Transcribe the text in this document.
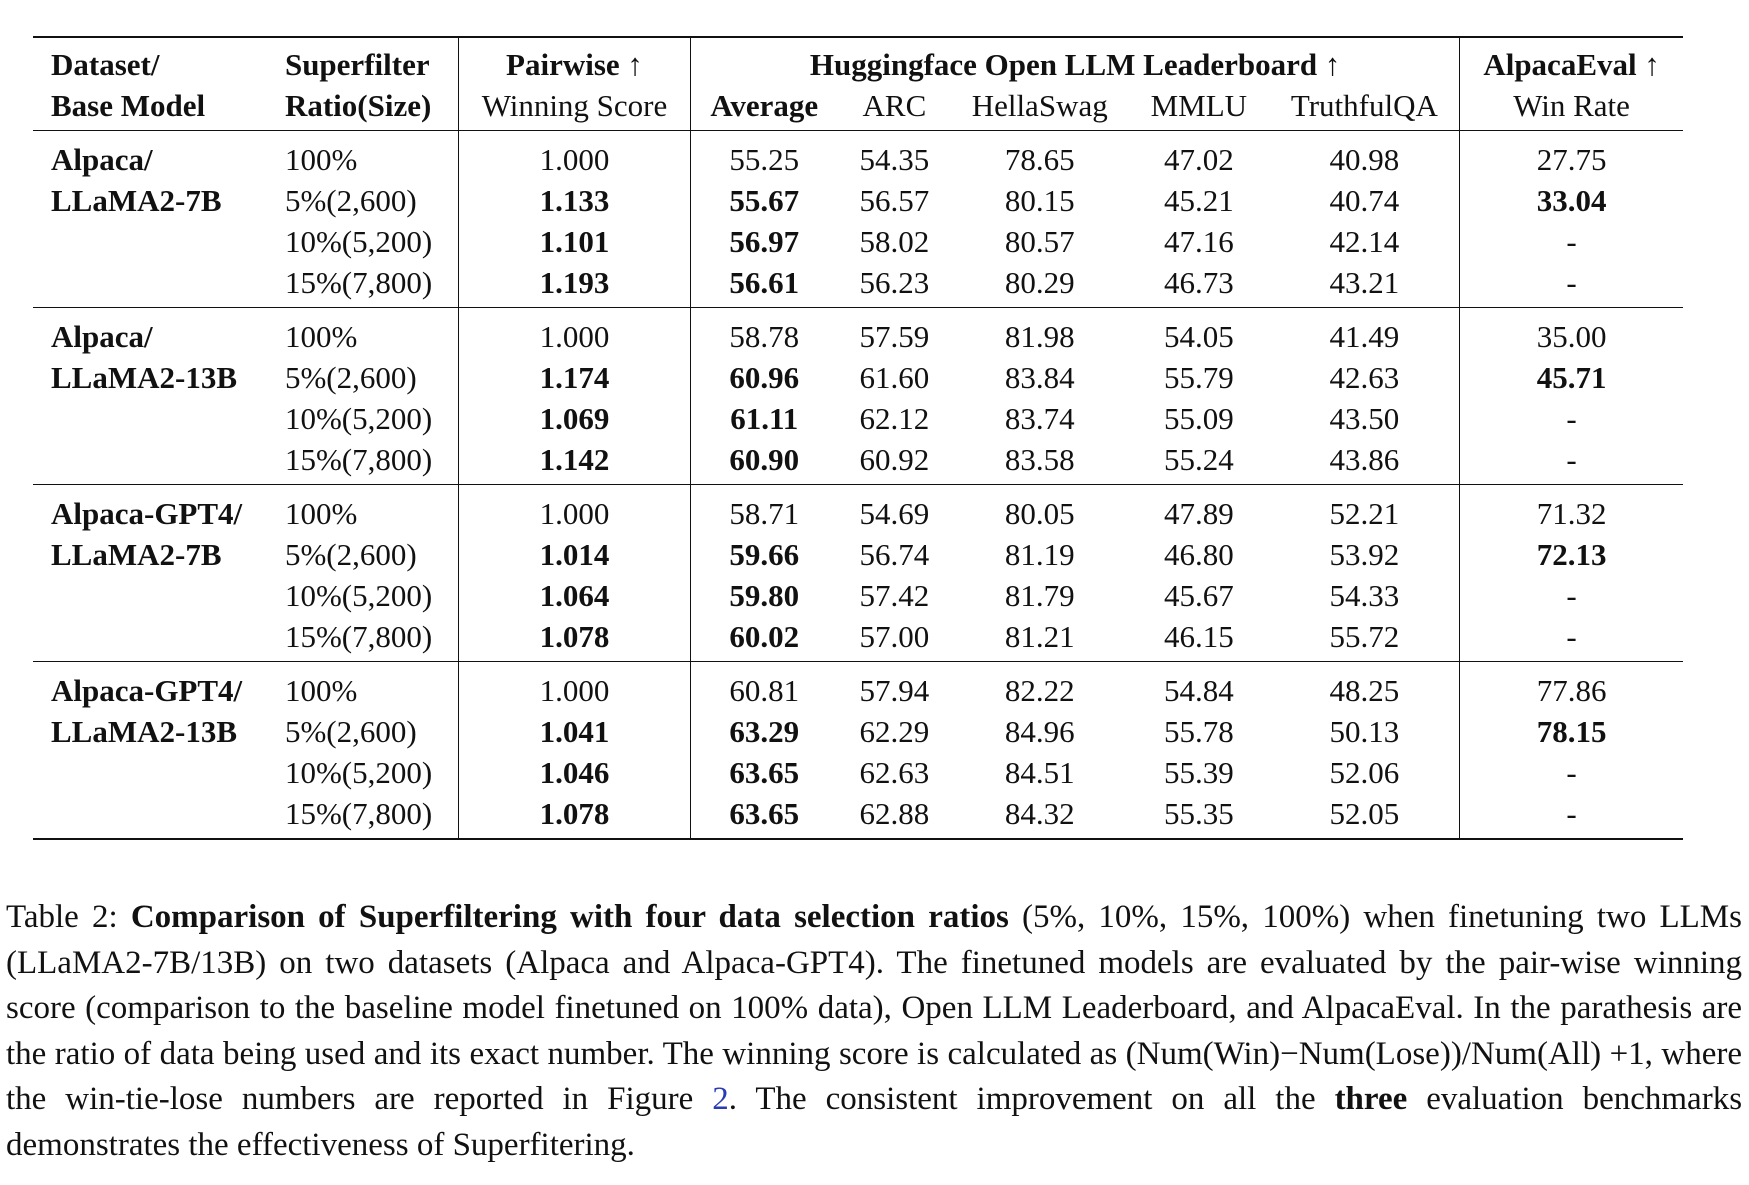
Dataset/	Superfilter	Pairwise ↑	Huggingface Open LLM Leaderboard ↑					AlpacaEval ↑
Base Model	Ratio(Size)	Winning Score	Average	ARC	HellaSwag	MMLU	TruthfulQA	Win Rate
Alpaca/	100%	1.000	55.25	54.35	78.65	47.02	40.98	27.75
LLaMA2-7B	5%(2,600)	1.133	55.67	56.57	80.15	45.21	40.74	33.04
	10%(5,200)	1.101	56.97	58.02	80.57	47.16	42.14	-
	15%(7,800)	1.193	56.61	56.23	80.29	46.73	43.21	-
Alpaca/	100%	1.000	58.78	57.59	81.98	54.05	41.49	35.00
LLaMA2-13B	5%(2,600)	1.174	60.96	61.60	83.84	55.79	42.63	45.71
	10%(5,200)	1.069	61.11	62.12	83.74	55.09	43.50	-
	15%(7,800)	1.142	60.90	60.92	83.58	55.24	43.86	-
Alpaca-GPT4/	100%	1.000	58.71	54.69	80.05	47.89	52.21	71.32
LLaMA2-7B	5%(2,600)	1.014	59.66	56.74	81.19	46.80	53.92	72.13
	10%(5,200)	1.064	59.80	57.42	81.79	45.67	54.33	-
	15%(7,800)	1.078	60.02	57.00	81.21	46.15	55.72	-
Alpaca-GPT4/	100%	1.000	60.81	57.94	82.22	54.84	48.25	77.86
LLaMA2-13B	5%(2,600)	1.041	63.29	62.29	84.96	55.78	50.13	78.15
	10%(5,200)	1.046	63.65	62.63	84.51	55.39	52.06	-
	15%(7,800)	1.078	63.65	62.88	84.32	55.35	52.05	-
Table 2: Comparison of Superfiltering with four data selection ratios (5%, 10%, 15%, 100%) when finetuning two LLMs (LLaMA2-7B/13B) on two datasets (Alpaca and Alpaca-GPT4). The finetuned models are evaluated by the pair-wise winning score (comparison to the baseline model finetuned on 100% data), Open LLM Leaderboard, and AlpacaEval. In the parathesis are the ratio of data being used and its exact number. The winning score is calculated as (Num(Win)−Num(Lose))/Num(All) +1, where the win-tie-lose numbers are reported in Figure 2. The consistent improvement on all the three evaluation benchmarks demonstrates the effectiveness of Superfitering.
